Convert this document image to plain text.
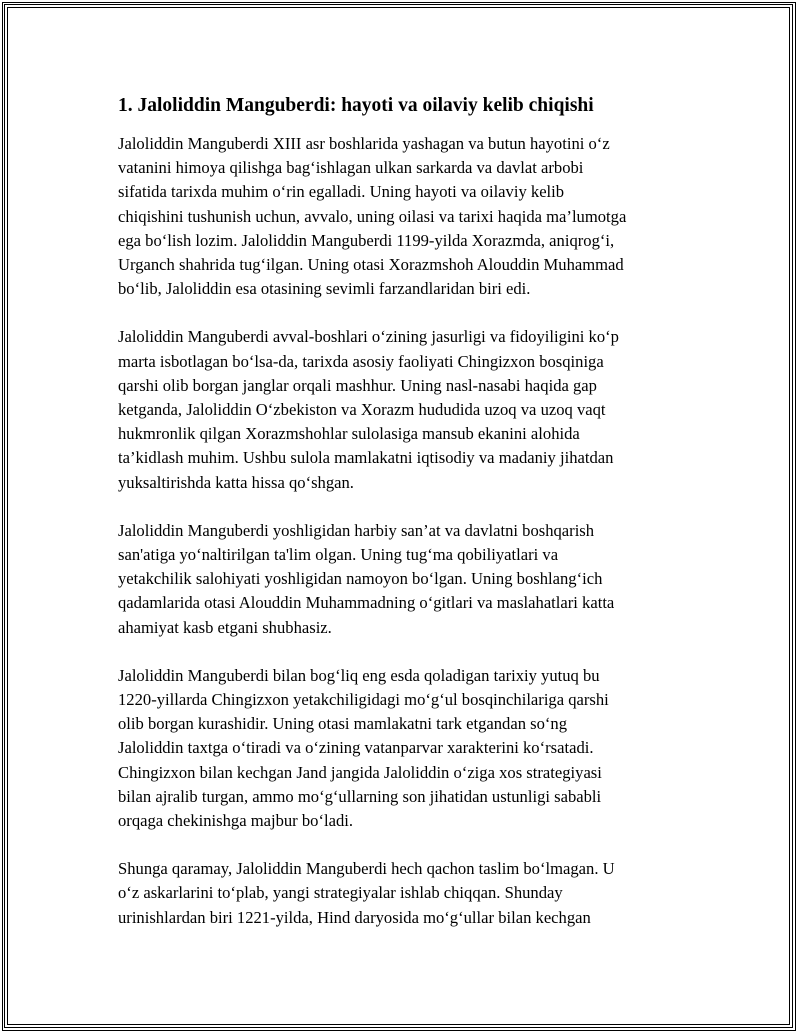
1. Jaloliddin Manguberdi: hayoti va oilaviy kelib chiqishi
Jaloliddin Manguberdi XIII asr boshlarida yashagan va butun hayotini o‘z
vatanini himoya qilishga bag‘ishlagan ulkan sarkarda va davlat arbobi
sifatida tarixda muhim o‘rin egalladi. Uning hayoti va oilaviy kelib
chiqishini tushunish uchun, avvalo, uning oilasi va tarixi haqida ma’lumotga
ega bo‘lish lozim. Jaloliddin Manguberdi 1199-yilda Xorazmda, aniqrog‘i,
Urganch shahrida tug‘ilgan. Uning otasi Xorazmshoh Alouddin Muhammad
bo‘lib, Jaloliddin esa otasining sevimli farzandlaridan biri edi.
Jaloliddin Manguberdi avval-boshlari o‘zining jasurligi va fidoyiligini ko‘p
marta isbotlagan bo‘lsa-da, tarixda asosiy faoliyati Chingizxon bosqiniga
qarshi olib borgan janglar orqali mashhur. Uning nasl-nasabi haqida gap
ketganda, Jaloliddin O‘zbekiston va Xorazm hududida uzoq va uzoq vaqt
hukmronlik qilgan Xorazmshohlar sulolasiga mansub ekanini alohida
ta’kidlash muhim. Ushbu sulola mamlakatni iqtisodiy va madaniy jihatdan
yuksaltirishda katta hissa qo‘shgan.
Jaloliddin Manguberdi yoshligidan harbiy san’at va davlatni boshqarish
san'atiga yo‘naltirilgan ta'lim olgan. Uning tug‘ma qobiliyatlari va
yetakchilik salohiyati yoshligidan namoyon bo‘lgan. Uning boshlang‘ich
qadamlarida otasi Alouddin Muhammadning o‘gitlari va maslahatlari katta
ahamiyat kasb etgani shubhasiz.
Jaloliddin Manguberdi bilan bog‘liq eng esda qoladigan tarixiy yutuq bu
1220-yillarda Chingizxon yetakchiligidagi mo‘g‘ul bosqinchilariga qarshi
olib borgan kurashidir. Uning otasi mamlakatni tark etgandan so‘ng
Jaloliddin taxtga o‘tiradi va o‘zining vatanparvar xarakterini ko‘rsatadi.
Chingizxon bilan kechgan Jand jangida Jaloliddin o‘ziga xos strategiyasi
bilan ajralib turgan, ammo mo‘g‘ullarning son jihatidan ustunligi sababli
orqaga chekinishga majbur bo‘ladi.
Shunga qaramay, Jaloliddin Manguberdi hech qachon taslim bo‘lmagan. U
o‘z askarlarini to‘plab, yangi strategiyalar ishlab chiqqan. Shunday
urinishlardan biri 1221-yilda, Hind daryosida mo‘g‘ullar bilan kechgan
